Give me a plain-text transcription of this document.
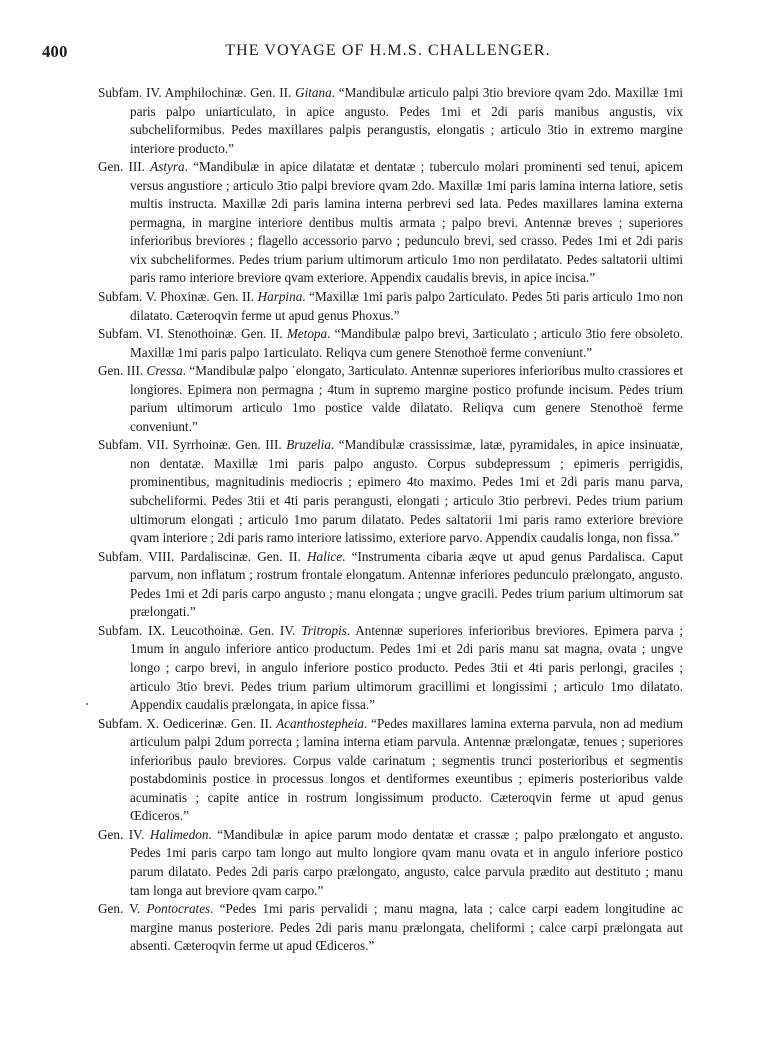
400	THE VOYAGE OF H.M.S. CHALLENGER.

Subfam. IV. Amphilochinæ. Gen. II. Gitana. “Mandibulæ articulo palpi 3tio breviore qvam 2do. Maxillæ 1mi paris palpo uniarticulato, in apice angusto. Pedes 1mi et 2di paris manibus angustis, vix subcheliformibus. Pedes maxillares palpis perangustis, elongatis ; articulo 3tio in extremo margine interiore producto.”

Gen. III. Astyra. “Mandibulæ in apice dilatatæ et dentatæ ; tuberculo molari prominenti sed tenui, apicem versus angustiore ; articulo 3tio palpi breviore qvam 2do. Maxillæ 1mi paris lamina interna latiore, setis multis instructa. Maxillæ 2di paris lamina interna perbrevi sed lata. Pedes maxillares lamina externa permagna, in margine interiore dentibus multis armata ; palpo brevi. Antennæ breves ; superiores inferioribus breviores ; flagello accessorio parvo ; pedunculo brevi, sed crasso. Pedes 1mi et 2di paris vix subcheliformes. Pedes trium parium ultimorum articulo 1mo non perdilatato. Pedes saltatorii ultimi paris ramo interiore breviore qvam exteriore. Appendix caudalis brevis, in apice incisa.”

Subfam. V. Phoxinæ. Gen. II. Harpina. “Maxillæ 1mi paris palpo 2articulato. Pedes 5ti paris articulo 1mo non dilatato. Cæteroqvin ferme ut apud genus Phoxus.”

Subfam. VI. Stenothoinæ. Gen. II. Metopa. “Mandibulæ palpo brevi, 3articulato ; articulo 3tio fere obsoleto. Maxillæ 1mi paris palpo 1articulato. Reliqva cum genere Stenothoë ferme conveniunt.”

Gen. III. Cressa. “Mandibulæ palpo ˙elongato, 3articulato. Antennæ superiores inferioribus multo crassiores et longiores. Epimera non permagna ; 4tum in supremo margine postico profunde incisum. Pedes trium parium ultimorum articulo 1mo postice valde dilatato. Reliqva cum genere Stenothoë ferme conveniunt.”

Subfam. VII. Syrrhoinæ. Gen. III. Bruzelia. “Mandibulæ crassissimæ, latæ, pyramidales, in apice insinuatæ, non dentatæ. Maxillæ 1mi paris palpo angusto. Corpus subdepressum ; epimeris perrigidis, prominentibus, magnitudinis mediocris ; epimero 4to maximo. Pedes 1mi et 2di paris manu parva, subcheliformi. Pedes 3tii et 4ti paris perangusti, elongati ; articulo 3tio perbrevi. Pedes trium parium ultimorum elongati ; articulo 1mo parum dilatato. Pedes saltatorii 1mi paris ramo exteriore breviore qvam interiore ; 2di paris ramo interiore latissimo, exteriore parvo. Appendix caudalis longa, non fissa.”

Subfam. VIII. Pardaliscinæ. Gen. II. Halice. “Instrumenta cibaria æqve ut apud genus Pardalisca. Caput parvum, non inflatum ; rostrum frontale elongatum. Antennæ inferiores pedunculo prælongato, angusto. Pedes 1mi et 2di paris carpo angusto ; manu elongata ; ungve gracili. Pedes trium parium ultimorum sat prælongati.”

Subfam. IX. Leucothoinæ. Gen. IV. Tritropis. Antennæ superiores inferioribus breviores. Epimera parva ; 1mum in angulo inferiore antico productum. Pedes 1mi et 2di paris manu sat magna, ovata ; ungve longo ; carpo brevi, in angulo inferiore postico producto. Pedes 3tii et 4ti paris perlongi, graciles ; articulo 3tio brevi. Pedes trium parium ultimorum gracillimi et longissimi ; articulo 1mo dilatato. Appendix caudalis prælongata, in apice fissa.”

Subfam. X. Oedicerinæ. Gen. II. Acanthostepheia. “Pedes maxillares lamina externa parvula, non ad medium articulum palpi 2dum porrecta ; lamina interna etiam parvula. Antennæ prælongatæ, tenues ; superiores inferioribus paulo breviores. Corpus valde carinatum ; segmentis trunci posterioribus et segmentis postabdominis postice in processus longos et dentiformes exeuntibus ; epimeris posterioribus valde acuminatis ; capite antice in rostrum longissimum producto. Cæteroqvin ferme ut apud genus Œdiceros.”

Gen. IV. Halimedon. “Mandibulæ in apice parum modo dentatæ et crassæ ; palpo prælongato et angusto. Pedes 1mi paris carpo tam longo aut multo longiore qvam manu ovata et in angulo inferiore postico parum dilatato. Pedes 2di paris carpo prælongato, angusto, calce parvula prædito aut destituto ; manu tam longa aut breviore qvam carpo.”

Gen. V. Pontocrates. “Pedes 1mi paris pervalidi ; manu magna, lata ; calce carpi eadem longitudine ac margine manus posteriore. Pedes 2di paris manu prælongata, cheliformi ; calce carpi prælongata aut absenti. Cæteroqvin ferme ut apud Œdiceros.”
